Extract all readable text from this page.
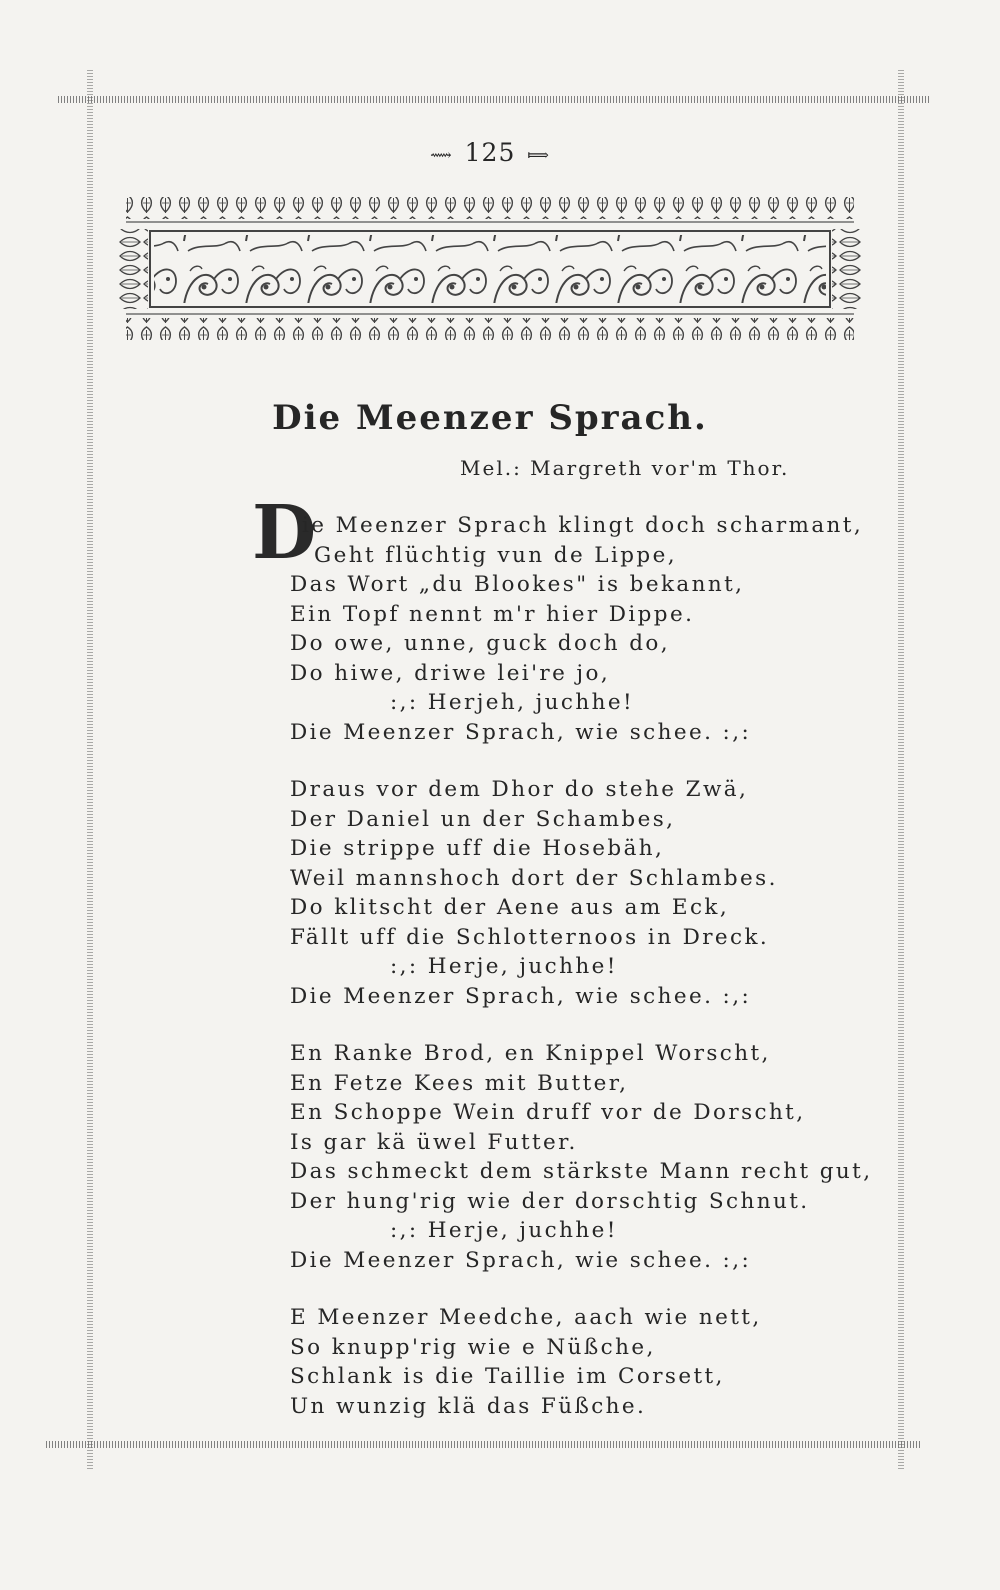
⟿ 125 ⟾
Die Meenzer Sprach.
Mel.: Margreth vor'm Thor.
D
ie Meenzer Sprach klingt doch scharmant,
Geht flüchtig vun de Lippe,
Das Wort „du Blookes" is bekannt,
Ein Topf nennt m'r hier Dippe.
Do owe, unne, guck doch do,
Do hiwe, driwe lei're jo,
:,: Herjeh, juchhe!
Die Meenzer Sprach, wie schee. :,:
Draus vor dem Dhor do stehe Zwä,
Der Daniel un der Schambes,
Die strippe uff die Hosebäh,
Weil mannshoch dort der Schlambes.
Do klitscht der Aene aus am Eck,
Fällt uff die Schlotternoos in Dreck.
:,: Herje, juchhe!
Die Meenzer Sprach, wie schee. :,:
En Ranke Brod, en Knippel Worscht,
En Fetze Kees mit Butter,
En Schoppe Wein druff vor de Dorscht,
Is gar kä üwel Futter.
Das schmeckt dem stärkste Mann recht gut,
Der hung'rig wie der dorschtig Schnut.
:,: Herje, juchhe!
Die Meenzer Sprach, wie schee. :,:
E Meenzer Meedche, aach wie nett,
So knupp'rig wie e Nüßche,
Schlank is die Taillie im Corsett,
Un wunzig klä das Füßche.
